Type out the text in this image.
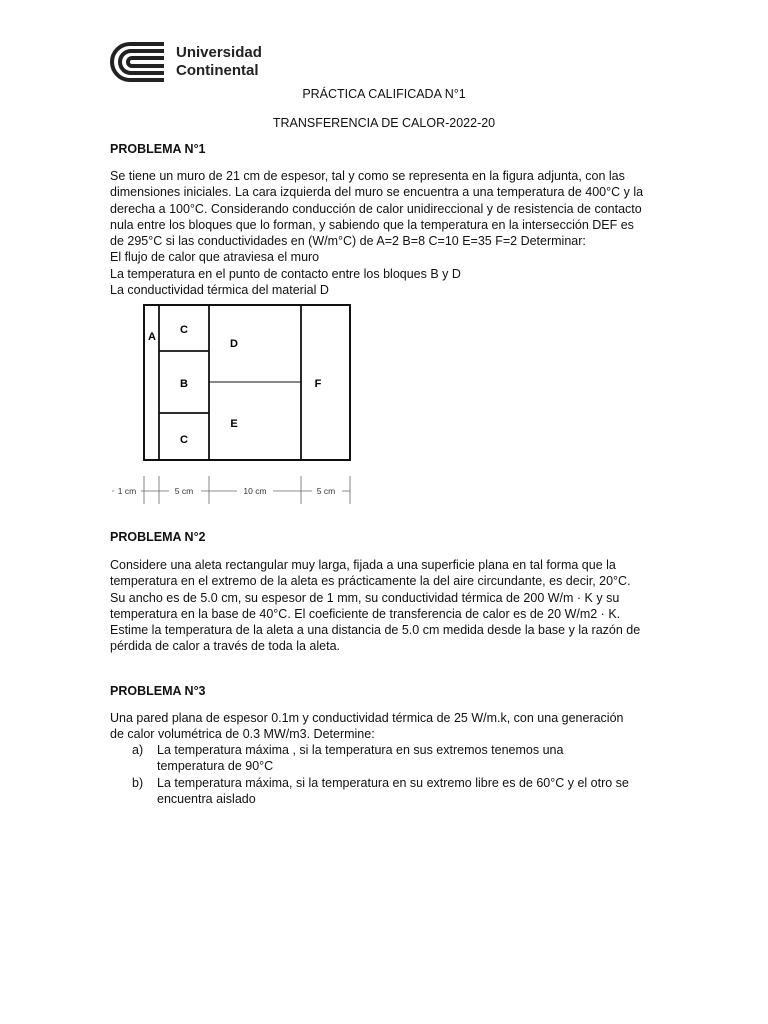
Universidad
Continental
PRÁCTICA CALIFICADA N°1
TRANSFERENCIA DE CALOR-2022-20
PROBLEMA N°1
Se tiene un muro de 21 cm de espesor, tal y como se representa en la figura adjunta, con las
dimensiones iniciales. La cara izquierda del muro se encuentra a una temperatura de 400°C y la
derecha a 100°C. Considerando conducción de calor unidireccional y de resistencia de contacto
nula entre los bloques que lo forman, y sabiendo que la temperatura en la intersección DEF es
de 295°C si las conductividades en (W/m°C) de A=2 B=8 C=10 E=35 F=2 Determinar:
El flujo de calor que atraviesa el muro
La temperatura en el punto de contacto entre los bloques B y D
La conductividad térmica del material D
A
C
B
C
D
E
F
1 cm	5 cm	10 cm	5 cm
PROBLEMA N°2
Considere una aleta rectangular muy larga, fijada a una superficie plana en tal forma que la
temperatura en el extremo de la aleta es prácticamente la del aire circundante, es decir, 20°C.
Su ancho es de 5.0 cm, su espesor de 1 mm, su conductividad térmica de 200 W/m · K y su
temperatura en la base de 40°C. El coeficiente de transferencia de calor es de 20 W/m2 · K.
Estime la temperatura de la aleta a una distancia de 5.0 cm medida desde la base y la razón de
pérdida de calor a través de toda la aleta.
PROBLEMA N°3
Una pared plana de espesor 0.1m y conductividad térmica de 25 W/m.k, con una generación
de calor volumétrica de 0.3 MW/m3. Determine:
a) La temperatura máxima , si la temperatura en sus extremos tenemos una
temperatura de 90°C
b) La temperatura máxima, si la temperatura en su extremo libre es de 60°C y el otro se
encuentra aislado
